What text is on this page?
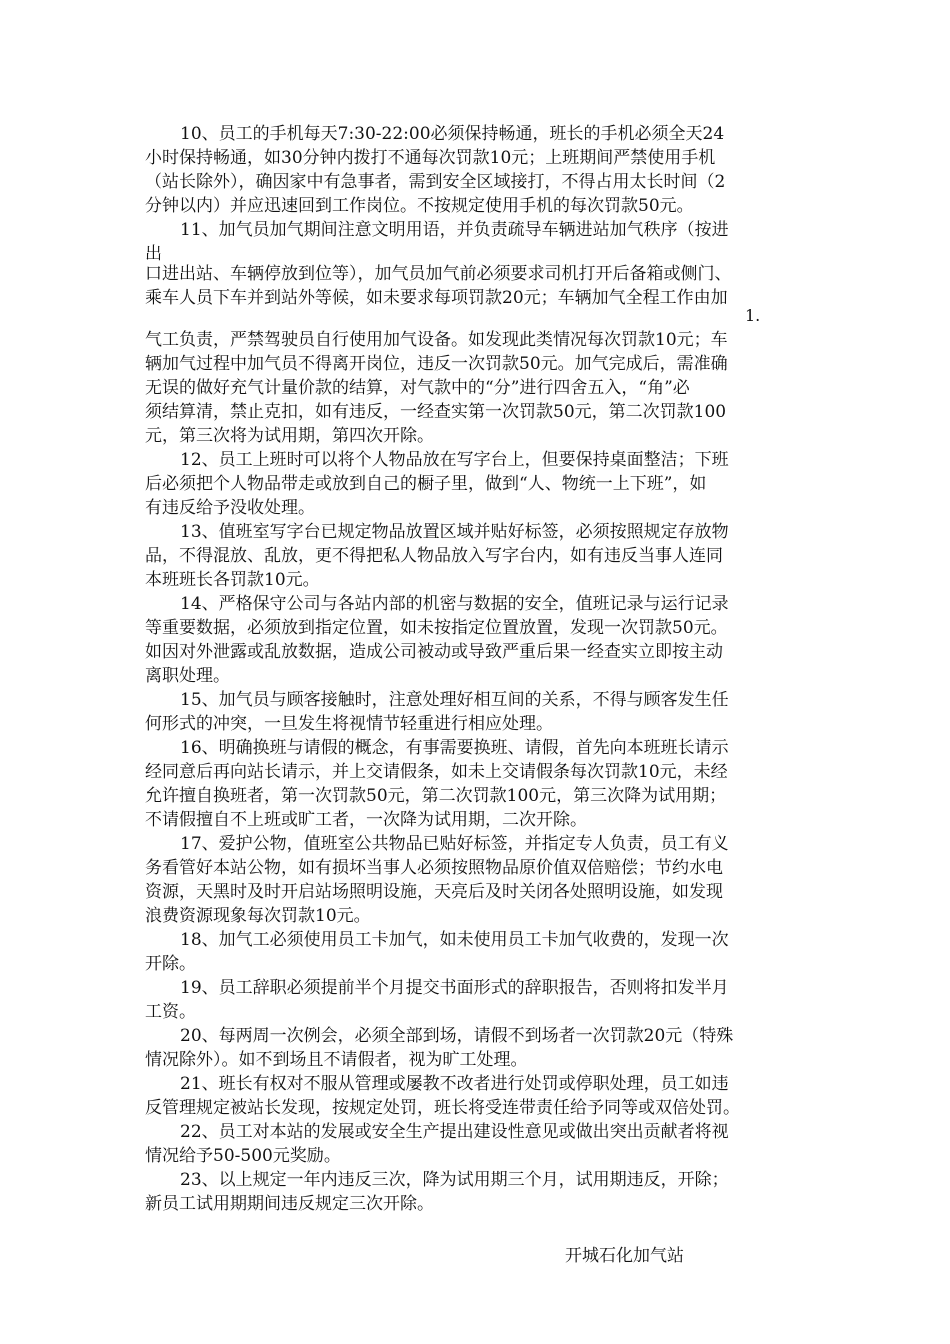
10、员工的手机每天7:30-22:00必须保持畅通，班长的手机必须全天24
小时保持畅通，如30分钟内拨打不通每次罚款10元；上班期间严禁使用手机
（站长除外），确因家中有急事者，需到安全区域接打，不得占用太长时间（2
分钟以内）并应迅速回到工作岗位。不按规定使用手机的每次罚款50元。
11、加气员加气期间注意文明用语，并负责疏导车辆进站加气秩序（按进
出
口进出站、车辆停放到位等），加气员加气前必须要求司机打开后备箱或侧门、
乘车人员下车并到站外等候，如未要求每项罚款20元；车辆加气全程工作由加
1.
气工负责，严禁驾驶员自行使用加气设备。如发现此类情况每次罚款10元；车
辆加气过程中加气员不得离开岗位，违反一次罚款50元。加气完成后，需准确
无误的做好充气计量价款的结算，对气款中的“分”进行四舍五入，“角”必
须结算清，禁止克扣，如有违反，一经查实第一次罚款50元，第二次罚款100
元，第三次将为试用期，第四次开除。
12、员工上班时可以将个人物品放在写字台上，但要保持桌面整洁；下班
后必须把个人物品带走或放到自己的橱子里，做到“人、物统一上下班”，如
有违反给予没收处理。
13、值班室写字台已规定物品放置区域并贴好标签，必须按照规定存放物
品，不得混放、乱放，更不得把私人物品放入写字台内，如有违反当事人连同
本班班长各罚款10元。
14、严格保守公司与各站内部的机密与数据的安全，值班记录与运行记录
等重要数据，必须放到指定位置，如未按指定位置放置，发现一次罚款50元。
如因对外泄露或乱放数据，造成公司被动或导致严重后果一经查实立即按主动
离职处理。
15、加气员与顾客接触时，注意处理好相互间的关系，不得与顾客发生任
何形式的冲突，一旦发生将视情节轻重进行相应处理。
16、明确换班与请假的概念，有事需要换班、请假，首先向本班班长请示
经同意后再向站长请示，并上交请假条，如未上交请假条每次罚款10元，未经
允许擅自换班者，第一次罚款50元，第二次罚款100元，第三次降为试用期；
不请假擅自不上班或旷工者，一次降为试用期，二次开除。
17、爱护公物，值班室公共物品已贴好标签，并指定专人负责，员工有义
务看管好本站公物，如有损坏当事人必须按照物品原价值双倍赔偿；节约水电
资源，天黑时及时开启站场照明设施，天亮后及时关闭各处照明设施，如发现
浪费资源现象每次罚款10元。
18、加气工必须使用员工卡加气，如未使用员工卡加气收费的，发现一次
开除。
19、员工辞职必须提前半个月提交书面形式的辞职报告，否则将扣发半月
工资。
20、每两周一次例会，必须全部到场，请假不到场者一次罚款20元（特殊
情况除外）。如不到场且不请假者，视为旷工处理。
21、班长有权对不服从管理或屡教不改者进行处罚或停职处理，员工如违
反管理规定被站长发现，按规定处罚，班长将受连带责任给予同等或双倍处罚。
22、员工对本站的发展或安全生产提出建设性意见或做出突出贡献者将视
情况给予50-500元奖励。
23、以上规定一年内违反三次，降为试用期三个月，试用期违反，开除；
新员工试用期期间违反规定三次开除。
开城石化加气站
